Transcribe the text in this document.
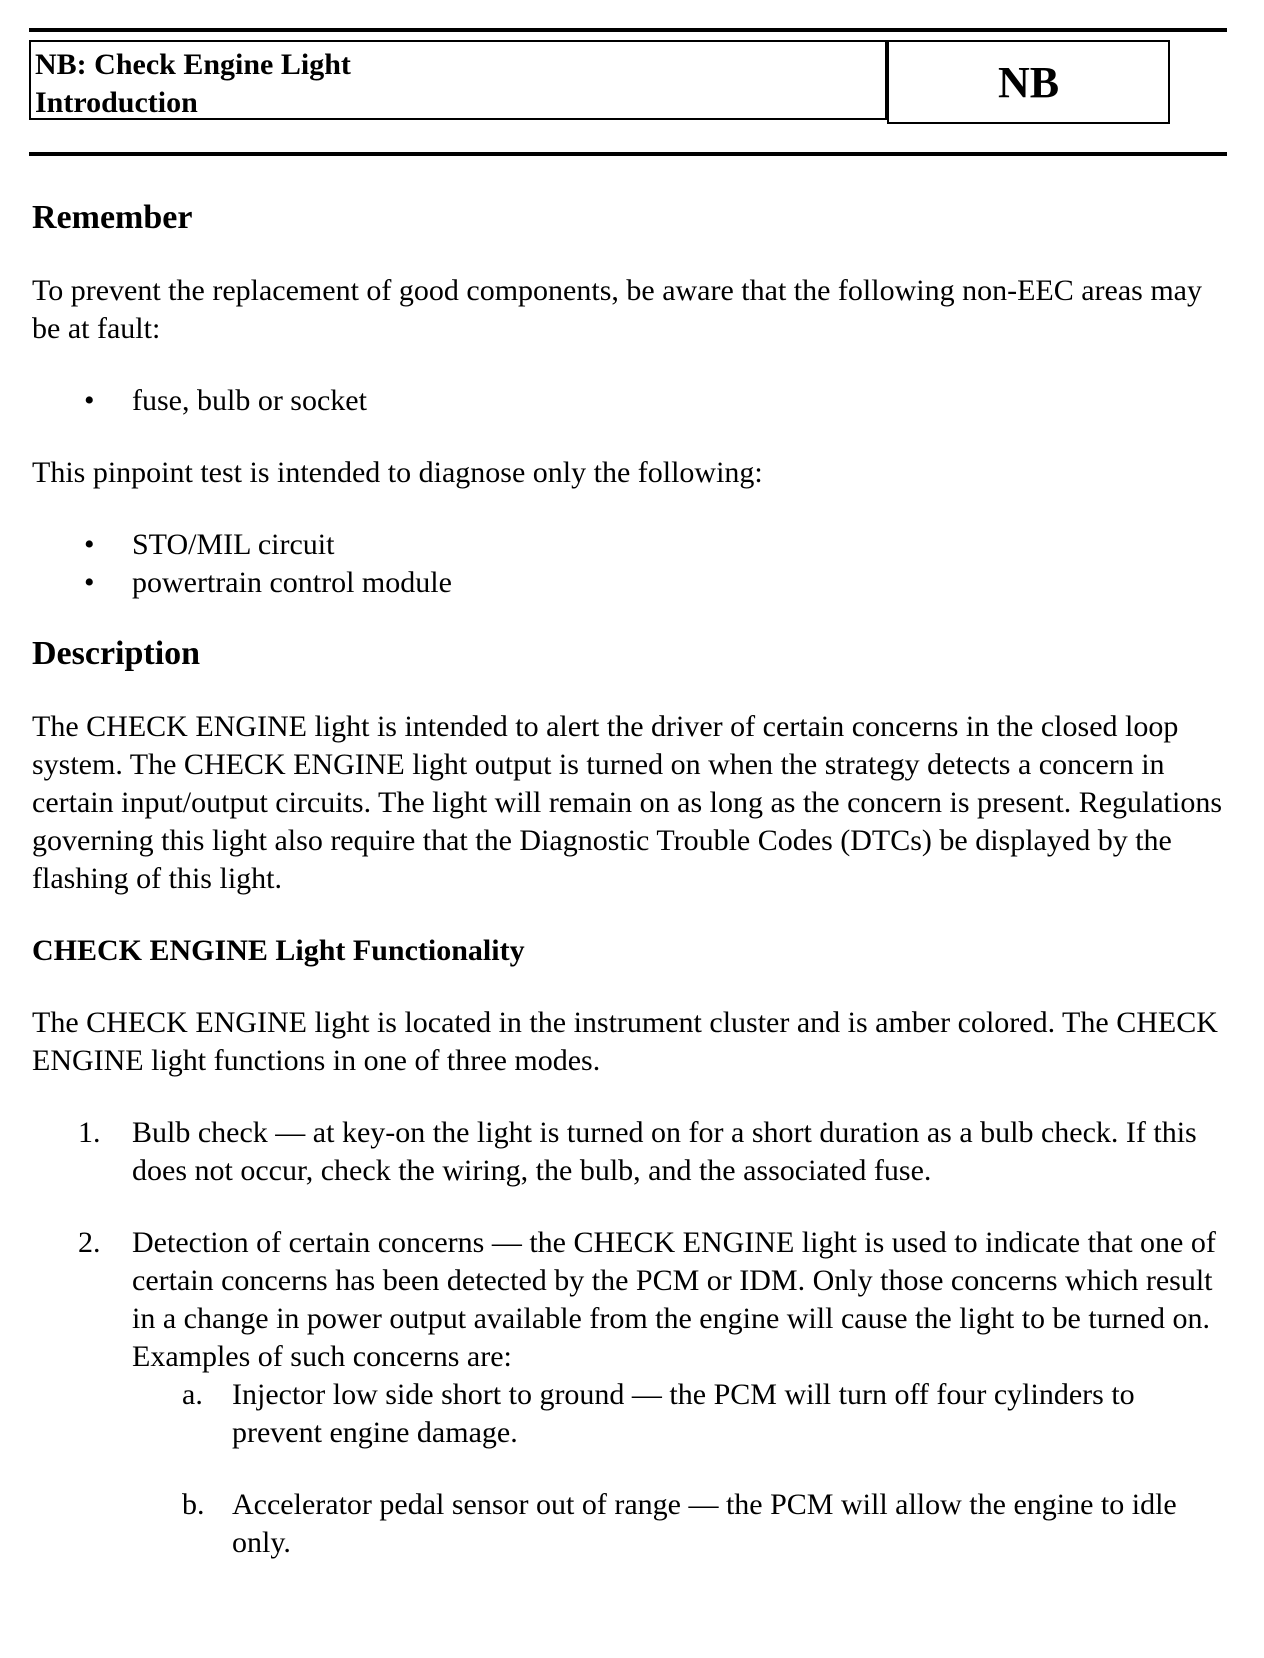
NB: Check Engine Light
Introduction	NB
Remember

To prevent the replacement of good components, be aware that the following non-EEC areas may be at fault:

• fuse, bulb or socket

This pinpoint test is intended to diagnose only the following:

• STO/MIL circuit
• powertrain control module
Description

The CHECK ENGINE light is intended to alert the driver of certain concerns in the closed loop system. The CHECK ENGINE light output is turned on when the strategy detects a concern in certain input/output circuits. The light will remain on as long as the concern is present. Regulations governing this light also require that the Diagnostic Trouble Codes (DTCs) be displayed by the flashing of this light.

CHECK ENGINE Light Functionality

The CHECK ENGINE light is located in the instrument cluster and is amber colored. The CHECK ENGINE light functions in one of three modes.

1. Bulb check — at key-on the light is turned on for a short duration as a bulb check. If this does not occur, check the wiring, the bulb, and the associated fuse.
2. Detection of certain concerns — the CHECK ENGINE light is used to indicate that one of certain concerns has been detected by the PCM or IDM. Only those concerns which result in a change in power output available from the engine will cause the light to be turned on. Examples of such concerns are:
a. Injector low side short to ground — the PCM will turn off four cylinders to prevent engine damage.
b. Accelerator pedal sensor out of range — the PCM will allow the engine to idle only.
